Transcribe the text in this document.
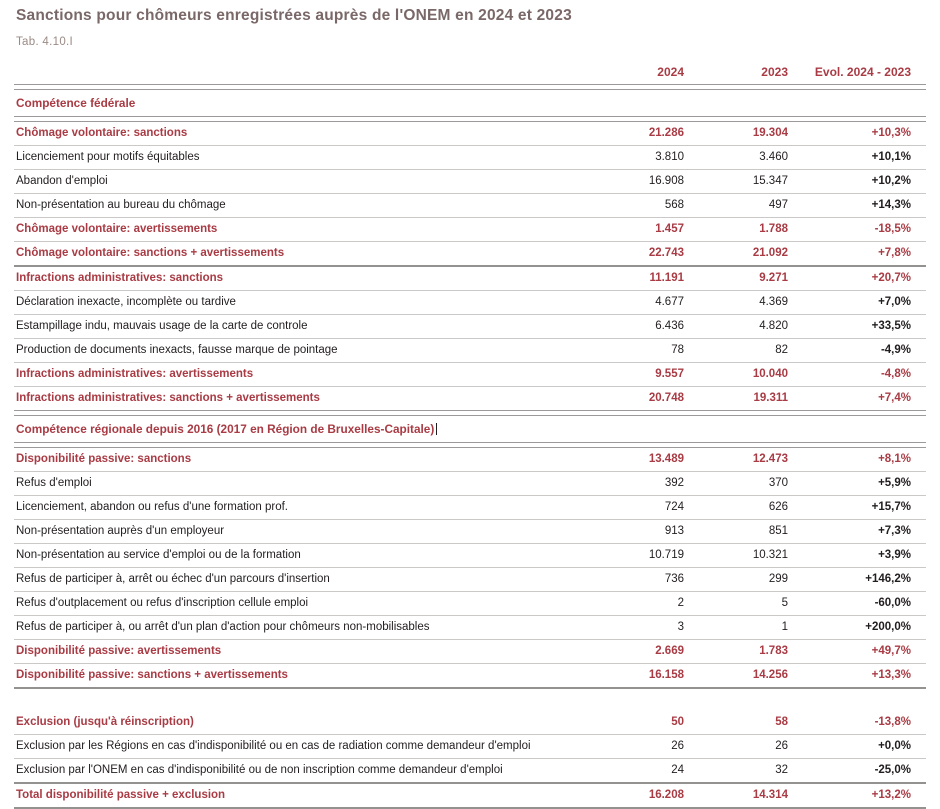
Sanctions pour chômeurs enregistrées auprès de l'ONEM en 2024 et 2023
Tab. 4.10.I
2024	2023	Evol. 2024 - 2023
Compétence fédérale
Chômage volontaire: sanctions	21.286	19.304	+10,3%
Licenciement pour motifs équitables	3.810	3.460	+10,1%
Abandon d'emploi	16.908	15.347	+10,2%
Non-présentation au bureau du chômage	568	497	+14,3%
Chômage volontaire: avertissements	1.457	1.788	-18,5%
Chômage volontaire: sanctions + avertissements	22.743	21.092	+7,8%
Infractions administratives: sanctions	11.191	9.271	+20,7%
Déclaration inexacte, incomplète ou tardive	4.677	4.369	+7,0%
Estampillage indu, mauvais usage de la carte de controle	6.436	4.820	+33,5%
Production de documents inexacts, fausse marque de pointage	78	82	-4,9%
Infractions administratives: avertissements	9.557	10.040	-4,8%
Infractions administratives: sanctions + avertissements	20.748	19.311	+7,4%
Compétence régionale depuis 2016 (2017 en Région de Bruxelles-Capitale)
Disponibilité passive: sanctions	13.489	12.473	+8,1%
Refus d'emploi	392	370	+5,9%
Licenciement, abandon ou refus d'une formation prof.	724	626	+15,7%
Non-présentation auprès d'un employeur	913	851	+7,3%
Non-présentation au service d'emploi ou de la formation	10.719	10.321	+3,9%
Refus de participer à, arrêt ou échec d'un parcours d'insertion	736	299	+146,2%
Refus d'outplacement ou refus d'inscription cellule emploi	2	5	-60,0%
Refus de participer à, ou arrêt d'un plan d'action pour chômeurs non-mobilisables	3	1	+200,0%
Disponibilité passive: avertissements	2.669	1.783	+49,7%
Disponibilité passive: sanctions + avertissements	16.158	14.256	+13,3%
Exclusion (jusqu'à réinscription)	50	58	-13,8%
Exclusion par les Régions en cas d'indisponibilité ou en cas de radiation comme demandeur d'emploi	26	26	+0,0%
Exclusion par l'ONEM en cas d'indisponibilité ou de non inscription comme demandeur d'emploi	24	32	-25,0%
Total disponibilité passive + exclusion	16.208	14.314	+13,2%
